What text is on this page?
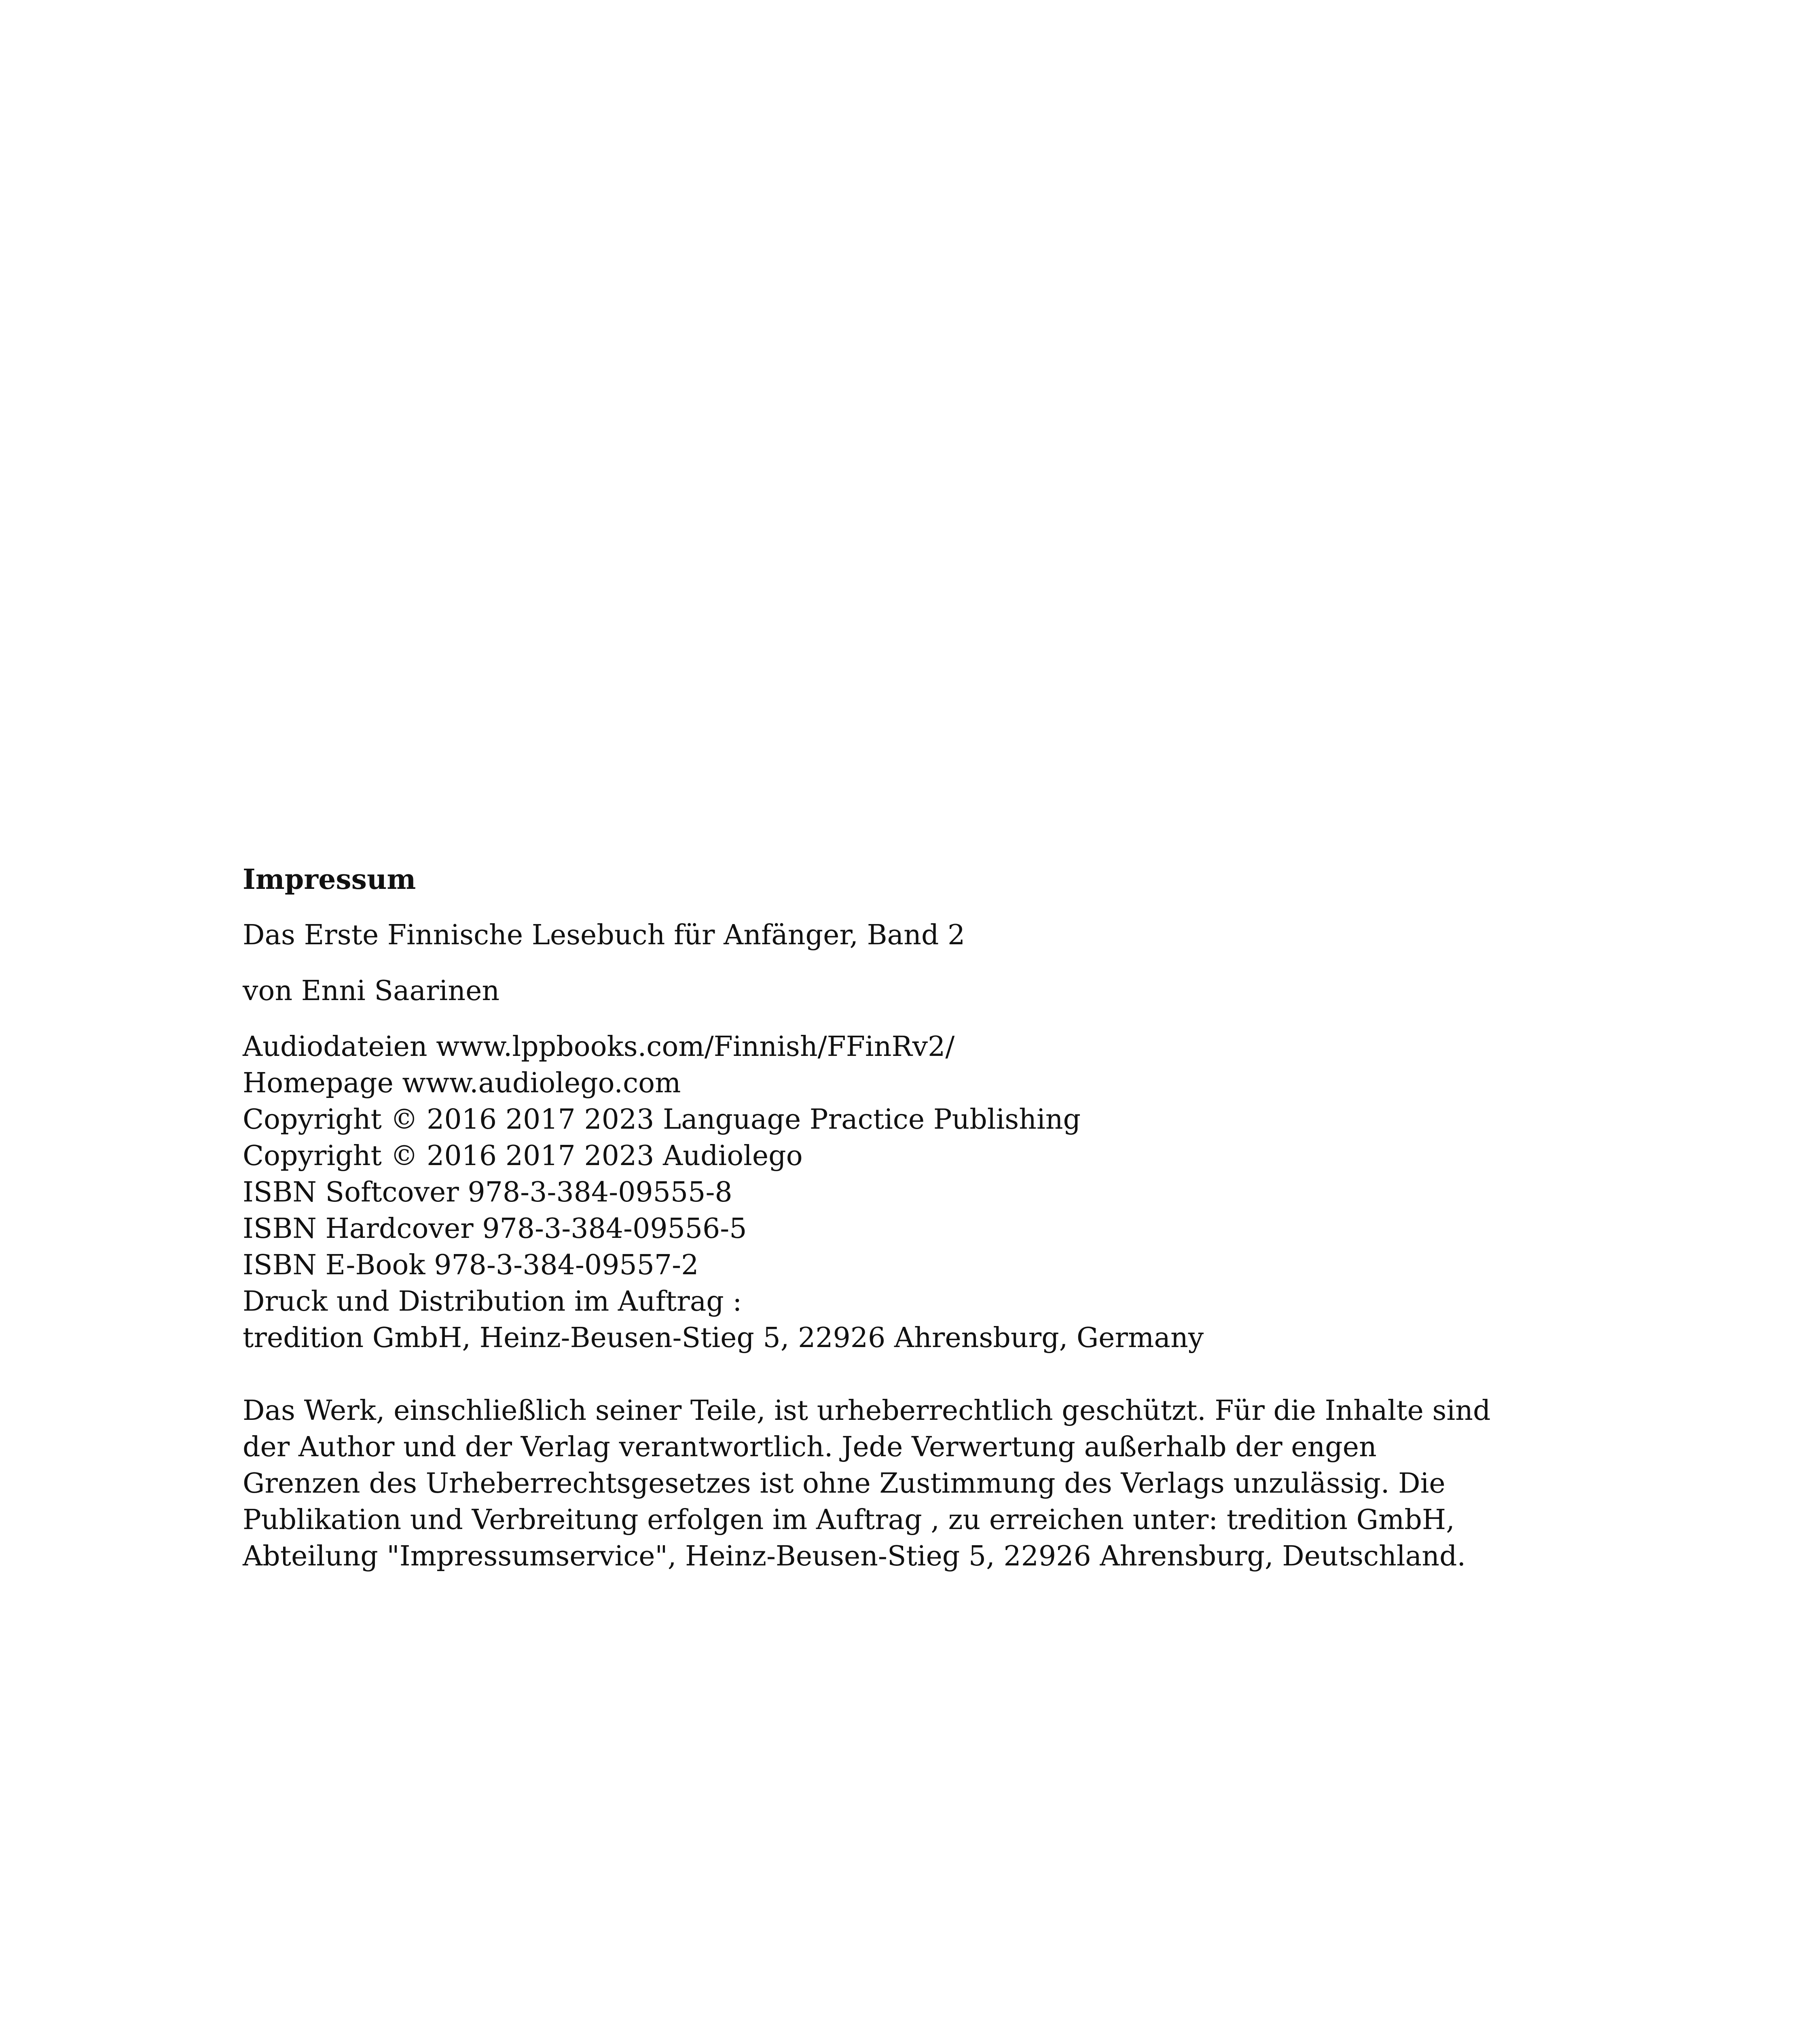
Impressum

Das Erste Finnische Lesebuch für Anfänger, Band 2

von Enni Saarinen

Audiodateien www.lppbooks.com/Finnish/FFinRv2/
Homepage www.audiolego.com
Copyright © 2016 2017 2023 Language Practice Publishing
Copyright © 2016 2017 2023 Audiolego
ISBN Softcover 978-3-384-09555-8
ISBN Hardcover 978-3-384-09556-5
ISBN E-Book 978-3-384-09557-2
Druck und Distribution im Auftrag :
tredition GmbH, Heinz-Beusen-Stieg 5, 22926 Ahrensburg, Germany

Das Werk, einschließlich seiner Teile, ist urheberrechtlich geschützt. Für die Inhalte sind

der Author und der Verlag verantwortlich. Jede Verwertung außerhalb der engen

Grenzen des Urheberrechtsgesetzes ist ohne Zustimmung des Verlags unzulässig. Die

Publikation und Verbreitung erfolgen im Auftrag , zu erreichen unter: tredition GmbH,

Abteilung "Impressumservice", Heinz-Beusen-Stieg 5, 22926 Ahrensburg, Deutschland.
